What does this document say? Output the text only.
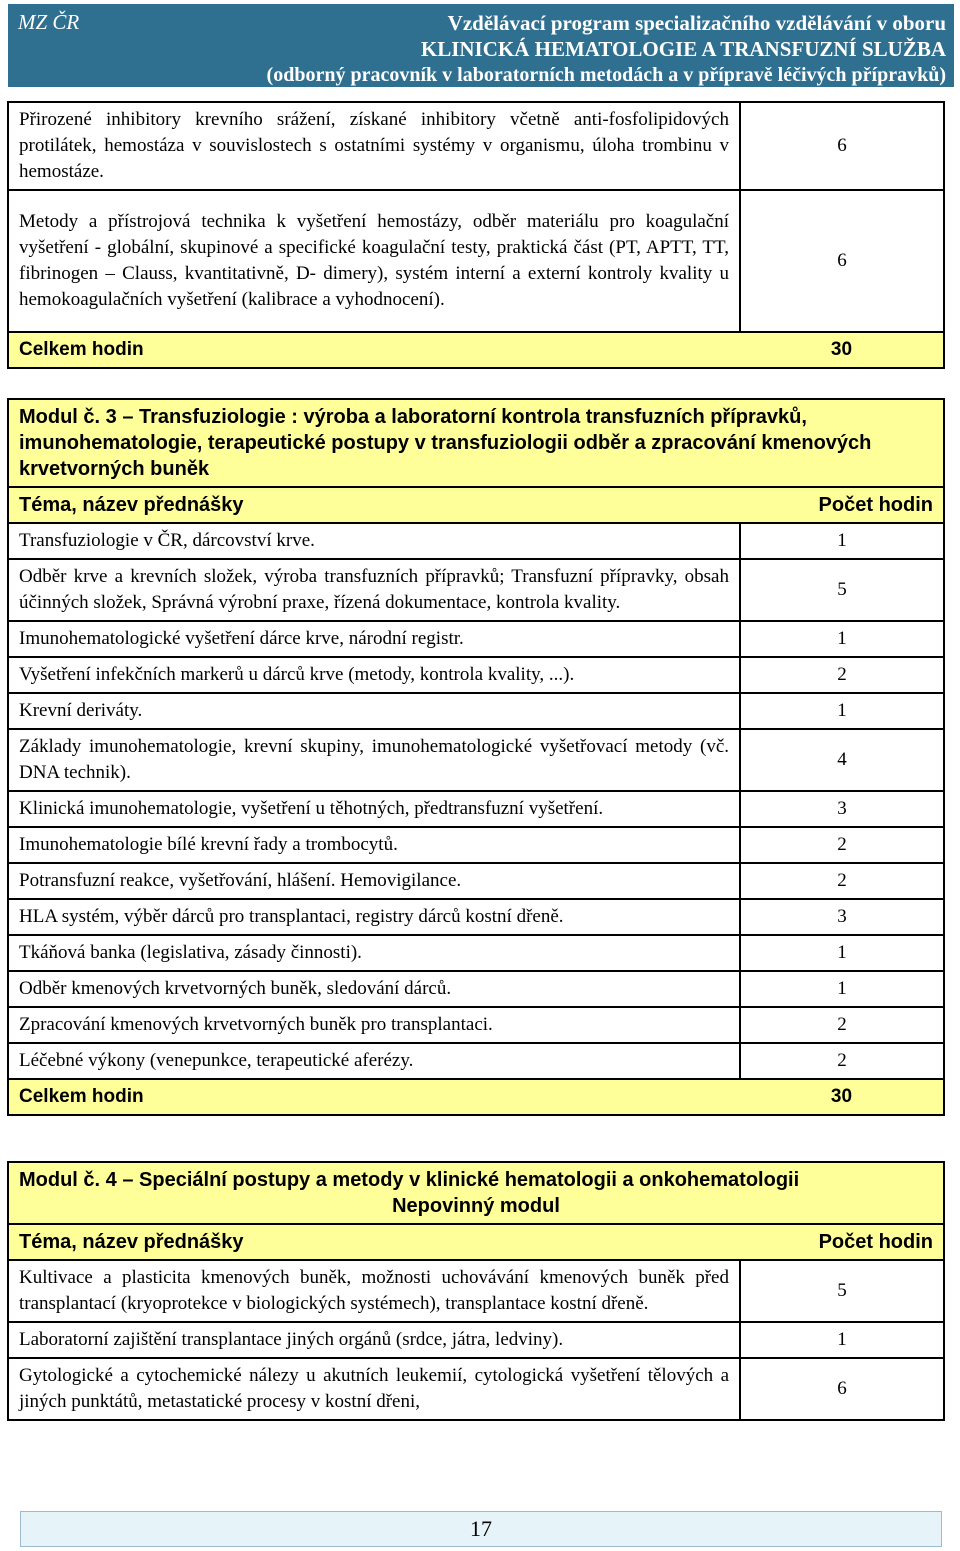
MZ ČR	Vzdělávací program specializačního vzdělávání v oboru
KLINICKÁ HEMATOLOGIE A TRANSFUZNÍ SLUŽBA
(odborný pracovník v laboratorních metodách a v přípravě léčivých přípravků)
Přirozené inhibitory krevního srážení, získané inhibitory včetně anti-fosfolipidových protilátek, hemostáza v souvislostech s ostatními systémy v organismu, úloha trombinu v hemostáze.	6
Metody a přístrojová technika k vyšetření hemostázy, odběr materiálu pro koagulační vyšetření - globální, skupinové a specifické koagulační testy, praktická část (PT, APTT, TT, fibrinogen – Clauss, kvantitativně, D- dimery), systém interní a externí kontroly kvality u hemokoagulačních vyšetření (kalibrace a vyhodnocení).	6
Celkem hodin	30
Modul č. 3 – Transfuziologie : výroba a laboratorní kontrola transfuzních přípravků, imunohematologie, terapeutické postupy v transfuziologii odběr a zpracování kmenových krvetvorných buněk	
Téma, název přednášky	Počet hodin
Transfuziologie v ČR, dárcovství krve.	1
Odběr krve a krevních složek, výroba transfuzních přípravků; Transfuzní přípravky, obsah účinných složek, Správná výrobní praxe, řízená dokumentace, kontrola kvality.	5
Imunohematologické vyšetření dárce krve, národní registr.	1
Vyšetření infekčních markerů u dárců krve (metody, kontrola kvality, ...).	2
Krevní deriváty.	1
Základy imunohematologie, krevní skupiny, imunohematologické vyšetřovací metody (vč. DNA technik).	4
Klinická imunohematologie, vyšetření u těhotných, předtransfuzní vyšetření.	3
Imunohematologie bílé krevní řady a trombocytů.	2
Potransfuzní reakce, vyšetřování, hlášení. Hemovigilance.	2
HLA systém, výběr dárců pro transplantaci, registry dárců kostní dřeně.	3
Tkáňová banka (legislativa, zásady činnosti).	1
Odběr kmenových krvetvorných buněk, sledování dárců.	1
Zpracování kmenových krvetvorných buněk pro transplantaci.	2
Léčebné výkony (venepunkce, terapeutické aferézy.	2
Celkem hodin	30
Modul č. 4 – Speciální postupy a metody v klinické hematologii a onkohematologii
Nepovinný modul	

Téma, název přednášky	Počet hodin
Kultivace a plasticita kmenových buněk, možnosti uchovávání kmenových buněk před transplantací (kryoprotekce v biologických systémech), transplantace kostní dřeně.	5
Laboratorní zajištění transplantace jiných orgánů (srdce, játra, ledviny).	1
Gytologické a cytochemické nálezy u akutních leukemií, cytologická vyšetření tělových a jiných punktátů, metastatické procesy v kostní dřeni,	6
17
